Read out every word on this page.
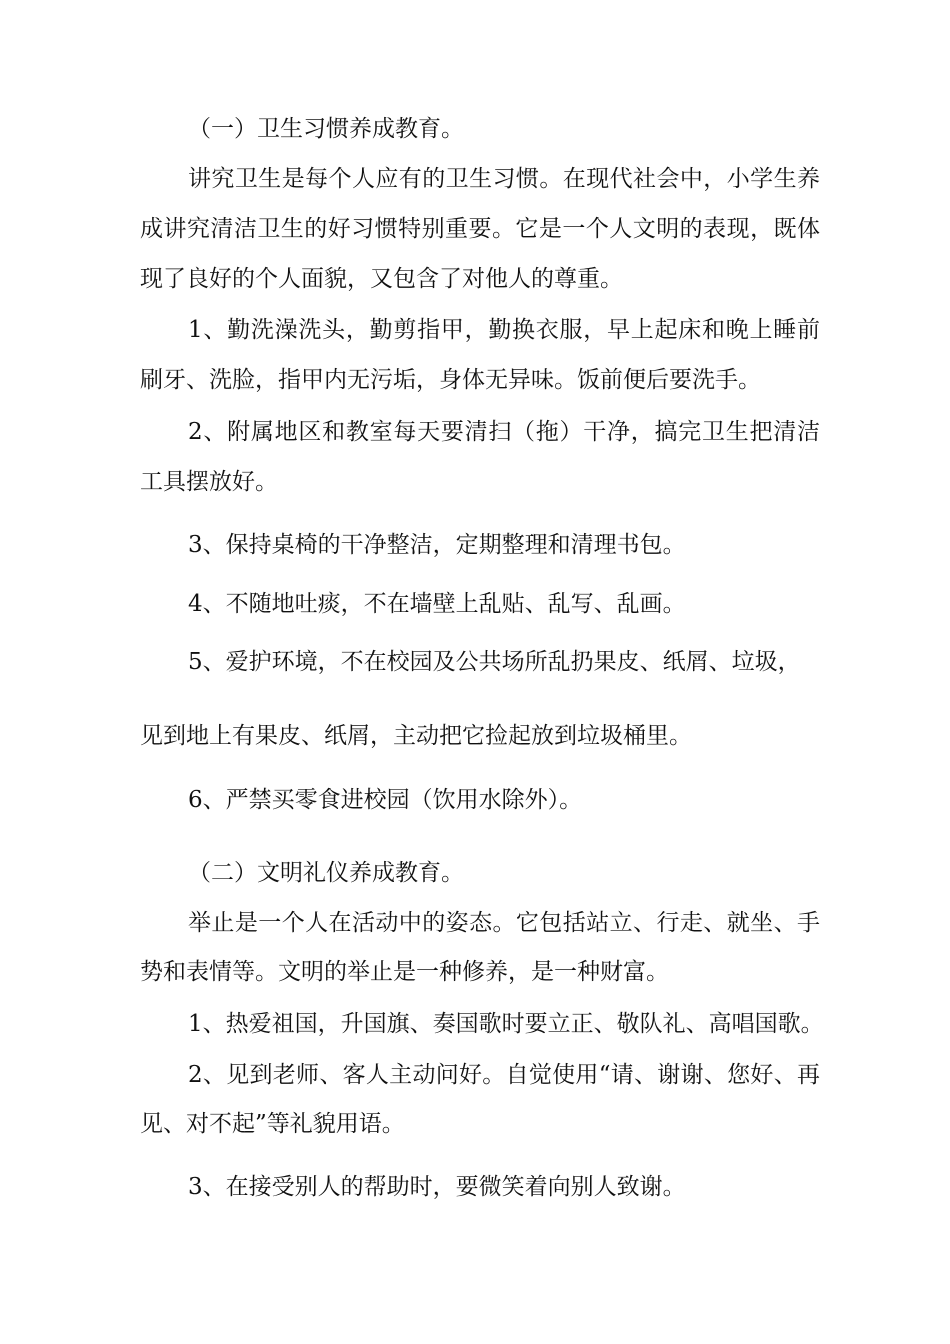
（一）卫生习惯养成教育。
讲究卫生是每个人应有的卫生习惯。在现代社会中，小学生养
成讲究清洁卫生的好习惯特别重要。它是一个人文明的表现，既体
现了良好的个人面貌，又包含了对他人的尊重。
1、勤洗澡洗头，勤剪指甲，勤换衣服，早上起床和晚上睡前
刷牙、洗脸，指甲内无污垢，身体无异味。饭前便后要洗手。
2、附属地区和教室每天要清扫（拖）干净，搞完卫生把清洁
工具摆放好。
3、保持桌椅的干净整洁，定期整理和清理书包。
4、不随地吐痰，不在墙壁上乱贴、乱写、乱画。
5、爱护环境，不在校园及公共场所乱扔果皮、纸屑、垃圾，
见到地上有果皮、纸屑，主动把它捡起放到垃圾桶里。
6、严禁买零食进校园（饮用水除外）。
（二）文明礼仪养成教育。
举止是一个人在活动中的姿态。它包括站立、行走、就坐、手
势和表情等。文明的举止是一种修养，是一种财富。
1、热爱祖国，升国旗、奏国歌时要立正、敬队礼、高唱国歌。
2、见到老师、客人主动问好。自觉使用“请、谢谢、您好、再
见、对不起”等礼貌用语。
3、在接受别人的帮助时，要微笑着向别人致谢。
